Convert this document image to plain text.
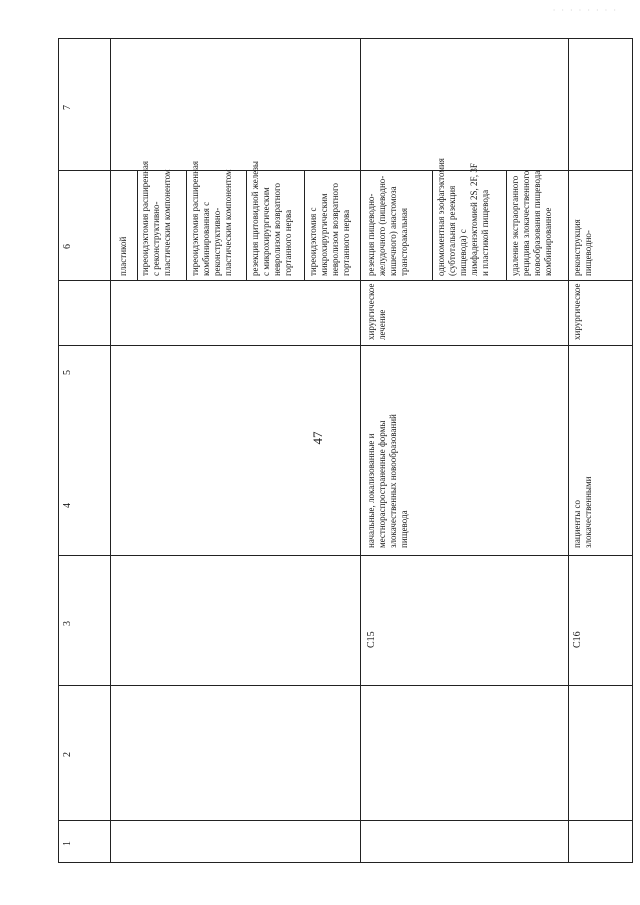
· · · · · · · ·
47
1
2
3
4
5
6
7
пластикой тиреоидэктомия расширенная
с реконструктивно-
пластическим компонентом
тиреоидэктомия расширенная
комбинированная с
реконструктивно-
пластическим компонентом
резекция щитовидной железы
с микрохирургическим
невролизом возвратного
гортанного нерва тиреоидэктомия с
микрохирургическим
невролизом возвратного
гортанного нерва
C15
начальные, локализованные и
местнораспространенные формы
злокачественных новообразований
пищевода
хирургическое
лечение
резекция пищеводно-
желудочного (пищеводно-
кишечного) анастомоза
трансторакальная	одномоментная эзофагэктомия
(субтотальная резекция
пищевода) с
лимфаденэктомией 2S, 2F, 3F
и пластикой пищевода
удаление экстраорганного
рецидива злокачественного
новообразования пищевода
комбинированное
C16
пациенты со злокачественными
хирургическое
реконструкция пищеводно-
